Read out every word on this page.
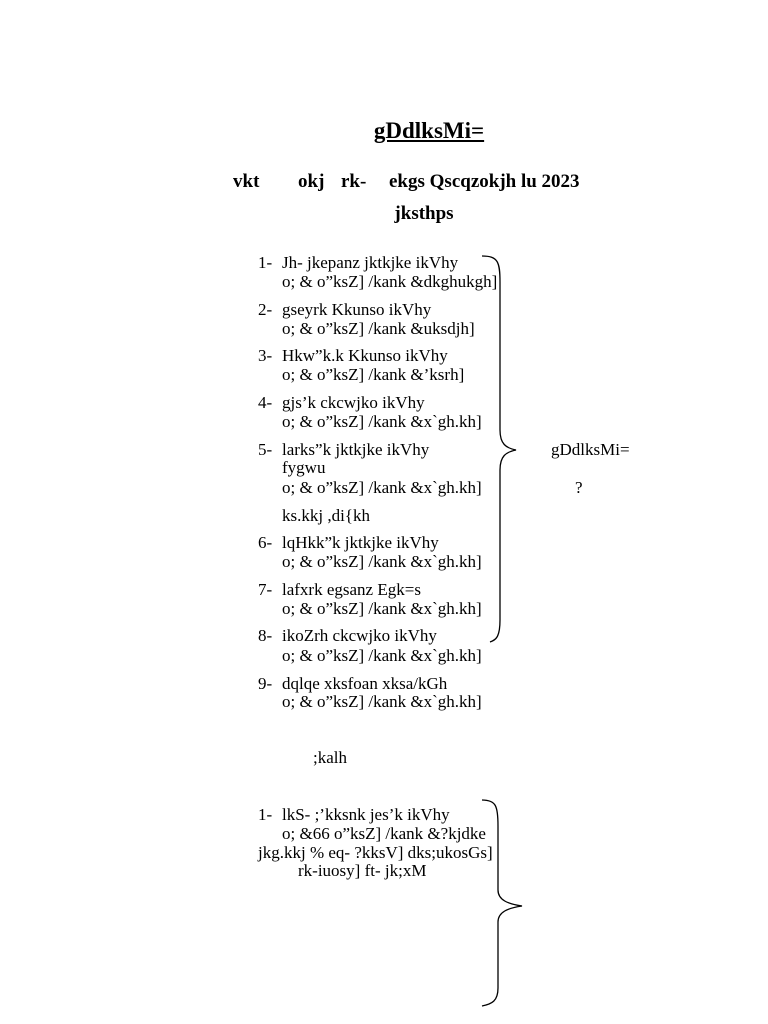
gDdlksMi=
vkt okj rk- ekgs Qscqzokjh lu 2023
jksthps
1- Jh- jkepanz jktkjke ikVhy
o; & o”ksZ] /kank &dkghukgh]
2- gseyrk Kkunso ikVhy
o; & o”ksZ] /kank &uksdjh]
3- Hkw”k.k Kkunso ikVhy
o; & o”ksZ] /kank &’ksrh]
4- gjs’k ckcwjko ikVhy
o; & o”ksZ] /kank &x`gh.kh]
5- larks”k jktkjke ikVhy
fygwu
o; & o”ksZ] /kank &x`gh.kh]
ks.kkj ,di{kh
6- lqHkk”k jktkjke ikVhy
o; & o”ksZ] /kank &x`gh.kh]
7- lafxrk egsanz Egk=s
o; & o”ksZ] /kank &x`gh.kh]
8- ikoZrh ckcwjko ikVhy
o; & o”ksZ] /kank &x`gh.kh]
9- dqlqe xksfoan xksa/kGh
o; & o”ksZ] /kank &x`gh.kh]
gDdlksMi=
?
;kalh
1- lkS- ;’kksnk jes’k ikVhy
o; &66 o”ksZ] /kank &?kjdke
jkg.kkj % eq- ?kksV] dks;ukosGs]
rk-iuosy] ft- jk;xM
